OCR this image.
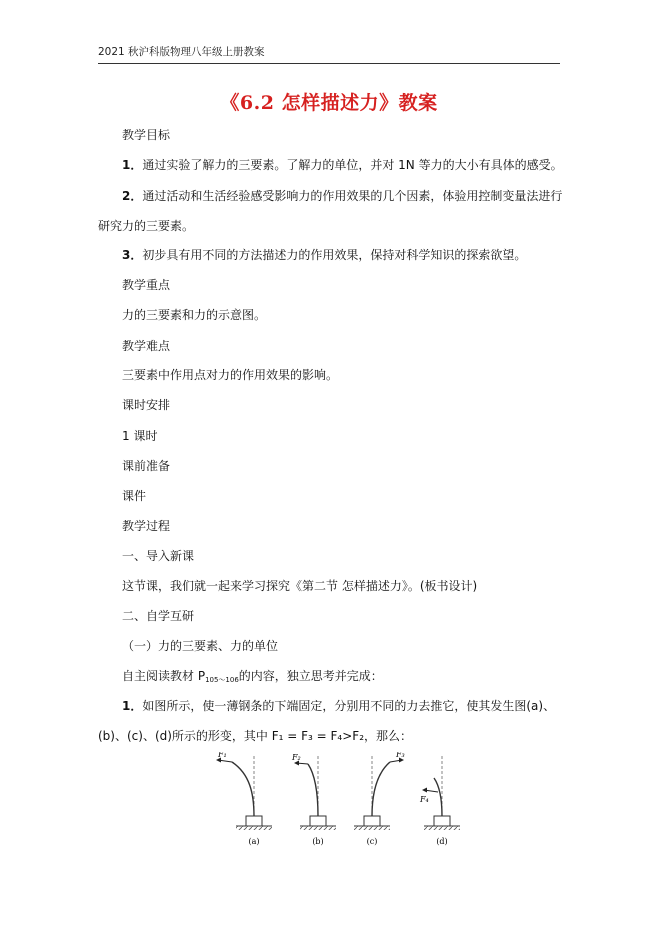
2021 秋沪科版物理八年级上册教案
《6.2 怎样描述力》教案
教学目标
1．通过实验了解力的三要素。了解力的单位，并对 1N 等力的大小有具体的感受。
2．通过活动和生活经验感受影响力的作用效果的几个因素，体验用控制变量法进行
研究力的三要素。
3．初步具有用不同的方法描述力的作用效果，保持对科学知识的探索欲望。
教学重点
力的三要素和力的示意图。
教学难点
三要素中作用点对力的作用效果的影响。
课时安排
1 课时
课前准备
课件
教学过程
一、导入新课
这节课，我们就一起来学习探究《第二节 怎样描述力》。(板书设计)
二、自学互研
（一）力的三要素、力的单位
自主阅读教材 $P_{105\sim 106}$的内容，独立思考并完成：
1．如图所示，使一薄钢条的下端固定，分别用不同的力去推它，使其发生图(a)、
(b)、(c)、(d)所示的形变，其中 F₁ = F₃ = F₄>F₂，那么：
F₁
(a)
F₂
(b)
F₃
(c)
F₄
(d)
